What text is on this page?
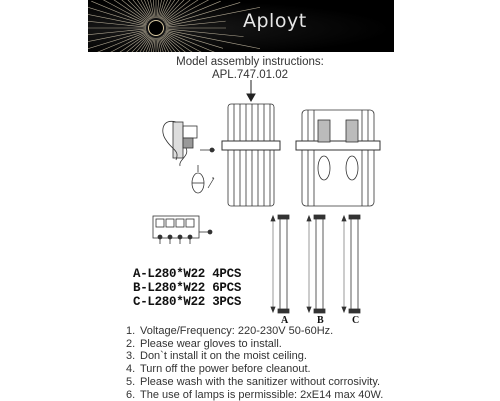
Aployt
Model assembly instructions:
APL.747.01.02
A	B	C
A-L280*W22 4PCS
B-L280*W22 6PCS
C-L280*W22 3PCS
1. Voltage/Frequency: 220-230V 50-60Hz.
2. Please wear gloves to install.
3. Don`t install it on the moist ceiling.
4. Turn off the power before cleanout.
5. Please wash with the sanitizer without corrosivity.
6. The use of lamps is permissible: 2xE14 max 40W.
